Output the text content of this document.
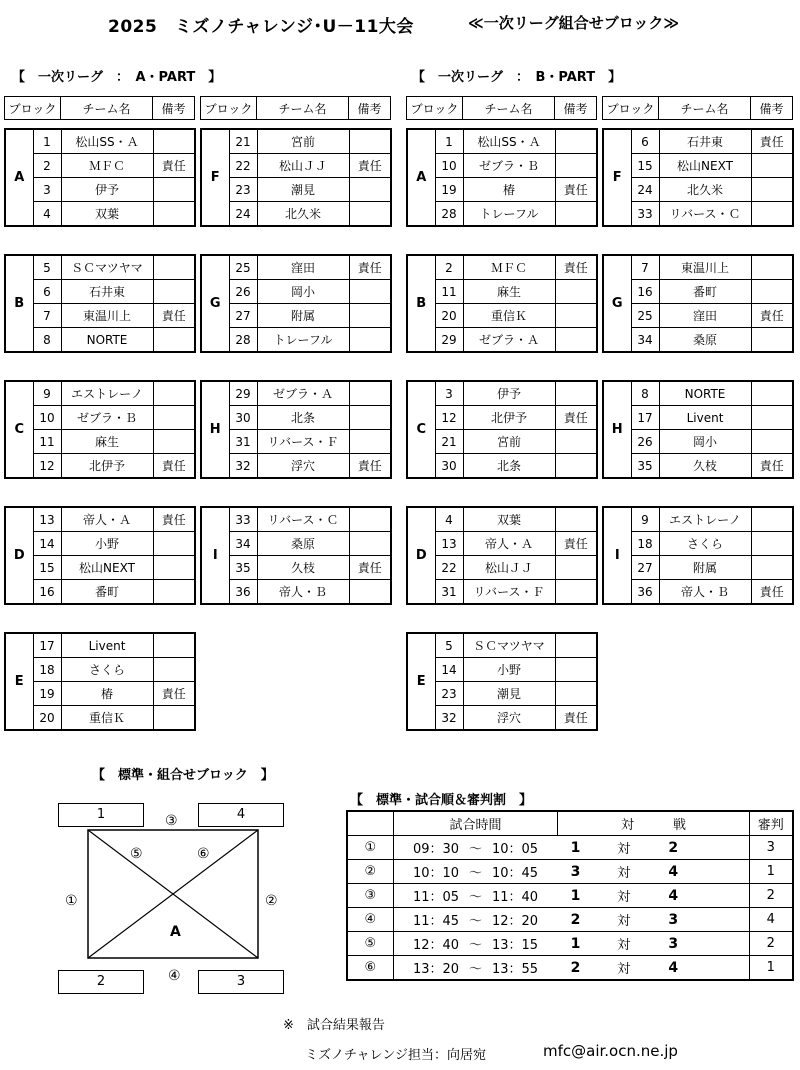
2025　ミズノチャレンジ･U－11大会	≪一次リーグ組合せブロック≫
【　一次リーグ　：　A・PART　】	【　一次リーグ　：　B・PART　】
ブロック	チーム名	備考 ブロック	チーム名	備考 ブロック	チーム名	備考 ブロック	チーム名	備考
A	1	松山SS・Ａ	
	2	ＭＦＣ	責任
	3	伊予	
	4	双葉	
F	21	宮前	
	22	松山ＪＪ	責任
	23	潮見	
	24	北久米	
B	5	ＳＣマツヤマ	
	6	石井東	
	7	東温川上	責任
	8	NORTE	
G	25	窪田	責任
	26	岡小	
	27	附属	
	28	トレーフル	
C	9	エストレーノ	
	10	ゼブラ・Ｂ	
	11	麻生	
	12	北伊予	責任
H	29	ゼブラ・Ａ	
	30	北条	
	31	リバース・Ｆ	
	32	浮穴	責任
D	13	帝人・Ａ	責任
	14	小野	
	15	松山NEXT	
	16	番町	
I	33	リバース・Ｃ	
	34	桑原	
	35	久枝	責任
	36	帝人・Ｂ	
E	17	Livent	
	18	さくら	
	19	椿	責任
	20	重信Ｋ	
A	1	松山SS・Ａ	
	10	ゼブラ・Ｂ	
	19	椿	責任
	28	トレーフル	
F	6	石井東	責任
	15	松山NEXT	
	24	北久米	
	33	リバース・Ｃ	
B	2	ＭＦＣ	責任
	11	麻生	
	20	重信Ｋ	
	29	ゼブラ・Ａ	
G	7	東温川上	
	16	番町	
	25	窪田	責任
	34	桑原	
C	3	伊予	
	12	北伊予	責任
	21	宮前	
	30	北条	
H	8	NORTE	
	17	Livent	
	26	岡小	
	35	久枝	責任
D	4	双葉	
	13	帝人・Ａ	責任
	22	松山ＪＪ	
	31	リバース・Ｆ	
I	9	エストレーノ	
	18	さくら	
	27	附属	
	36	帝人・Ｂ	責任
E	5	ＳＣマツヤマ	
	14	小野	
	23	潮見	
	32	浮穴	責任
【　標準・組合せブロック　】
1	4
2	3
A
①	②
③
④
⑤	⑥
【　標準・試合順＆審判割　】
	試合時間			対　　　戦				審判
①	09：30	～	10：05	1	対	2		3
②	10：10	～	10：45	3	対	4		1
③	11：05	～	11：40	1	対	4		2
④	11：45	～	12：20	2	対	3		4
⑤	12：40	～	13：15	1	対	3		2
⑥	13：20	～	13：55	2	対	4		1
※　試合結果報告
ミズノチャレンジ担当：向居宛	mfc@air.ocn.ne.jp
